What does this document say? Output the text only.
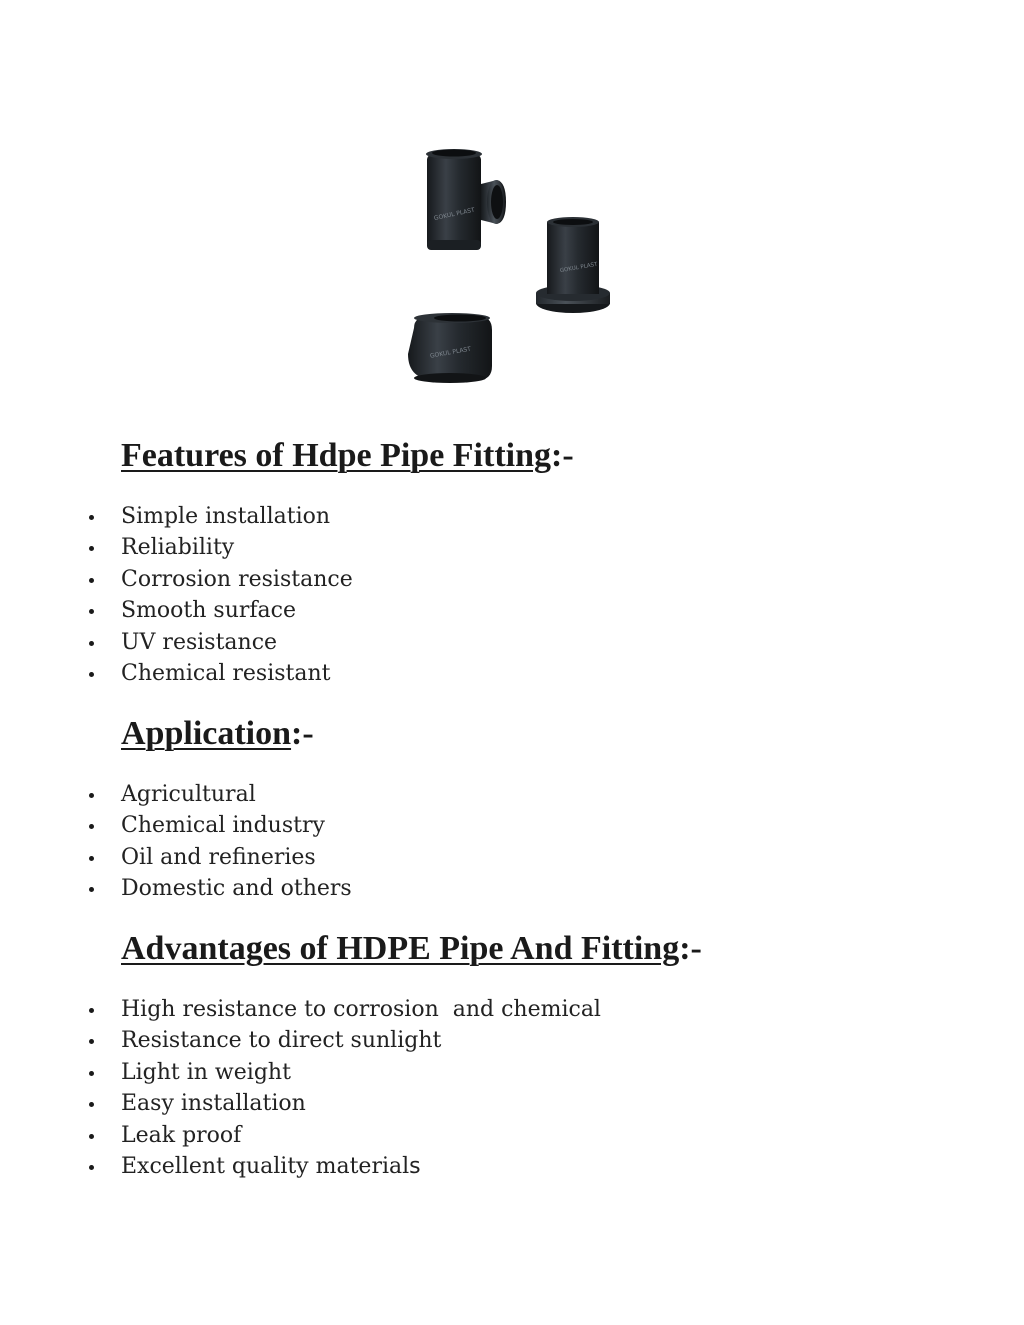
GOKUL PLAST
GOKUL PLAST
GOKUL PLAST
Features of Hdpe Pipe Fitting:-
Simple installation
Reliability
Corrosion resistance
Smooth surface
UV resistance
Chemical resistant
Application:-
Agricultural
Chemical industry
Oil and refineries
Domestic and others
Advantages of HDPE Pipe And Fitting:-
High resistance to corrosion  and chemical
Resistance to direct sunlight
Light in weight
Easy installation
Leak proof
Excellent quality materials
